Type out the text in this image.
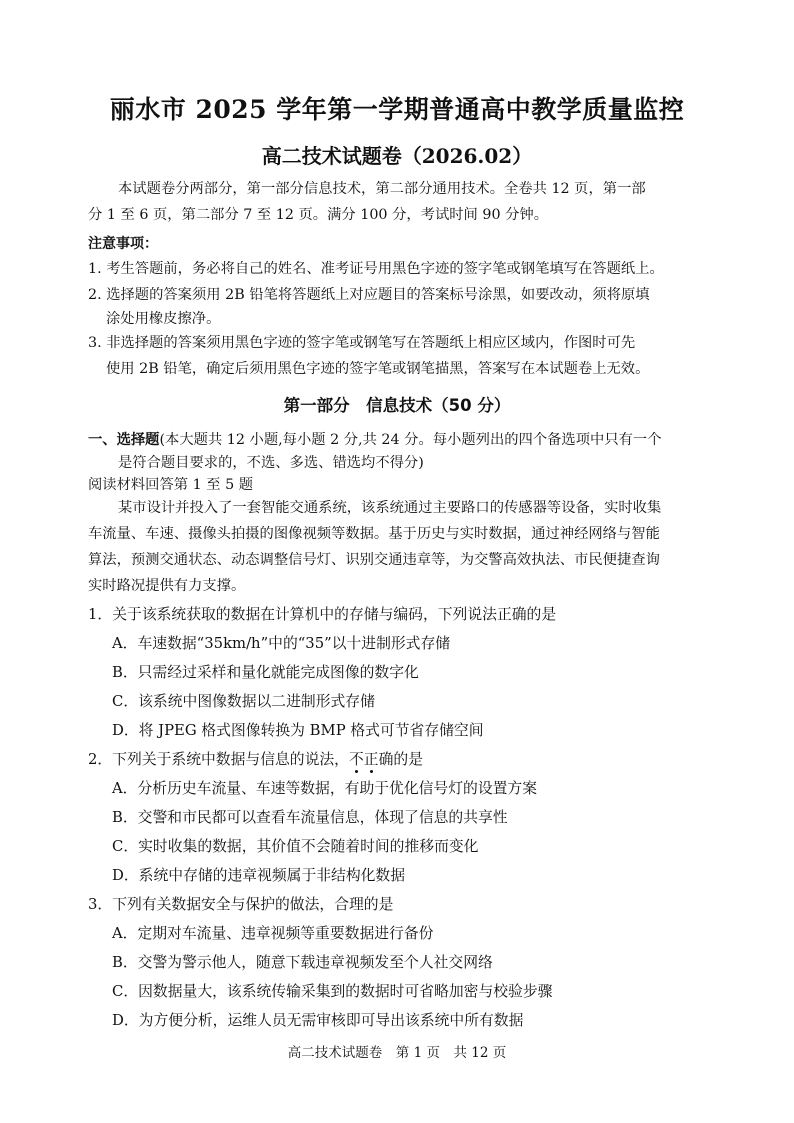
丽水市 2025 学年第一学期普通高中教学质量监控
高二技术试题卷（2026.02）
本试题卷分两部分，第一部分信息技术，第二部分通用技术。全卷共 12 页，第一部
分 1 至 6 页，第二部分 7 至 12 页。满分 100 分，考试时间 90 分钟。
注意事项：
1. 考生答题前，务必将自己的姓名、准考证号用黑色字迹的签字笔或钢笔填写在答题纸上。
2. 选择题的答案须用 2B 铅笔将答题纸上对应题目的答案标号涂黑，如要改动，须将原填
涂处用橡皮擦净。
3. 非选择题的答案须用黑色字迹的签字笔或钢笔写在答题纸上相应区域内，作图时可先
使用 2B 铅笔，确定后须用黑色字迹的签字笔或钢笔描黑，答案写在本试题卷上无效。
第一部分　信息技术（50 分）
一、选择题(本大题共 12 小题,每小题 2 分,共 24 分。每小题列出的四个备选项中只有一个
是符合题目要求的，不选、多选、错选均不得分)
阅读材料回答第 1 至 5 题
某市设计并投入了一套智能交通系统，该系统通过主要路口的传感器等设备，实时收集
车流量、车速、摄像头拍摄的图像视频等数据。基于历史与实时数据，通过神经网络与智能
算法，预测交通状态、动态调整信号灯、识别交通违章等，为交警高效执法、市民便捷查询
实时路况提供有力支撑。
1．关于该系统获取的数据在计算机中的存储与编码，下列说法正确的是
A．车速数据“35km/h”中的“35”以十进制形式存储
B．只需经过采样和量化就能完成图像的数字化
C．该系统中图像数据以二进制形式存储
D．将 JPEG 格式图像转换为 BMP 格式可节省存储空间
2．下列关于系统中数据与信息的说法，不正确的是
A．分析历史车流量、车速等数据，有助于优化信号灯的设置方案
B．交警和市民都可以查看车流量信息，体现了信息的共享性
C．实时收集的数据，其价值不会随着时间的推移而变化
D．系统中存储的违章视频属于非结构化数据
3．下列有关数据安全与保护的做法，合理的是
A．定期对车流量、违章视频等重要数据进行备份
B．交警为警示他人，随意下载违章视频发至个人社交网络
C．因数据量大，该系统传输采集到的数据时可省略加密与校验步骤
D．为方便分析，运维人员无需审核即可导出该系统中所有数据
高二技术试题卷　第 1 页　共 12 页
